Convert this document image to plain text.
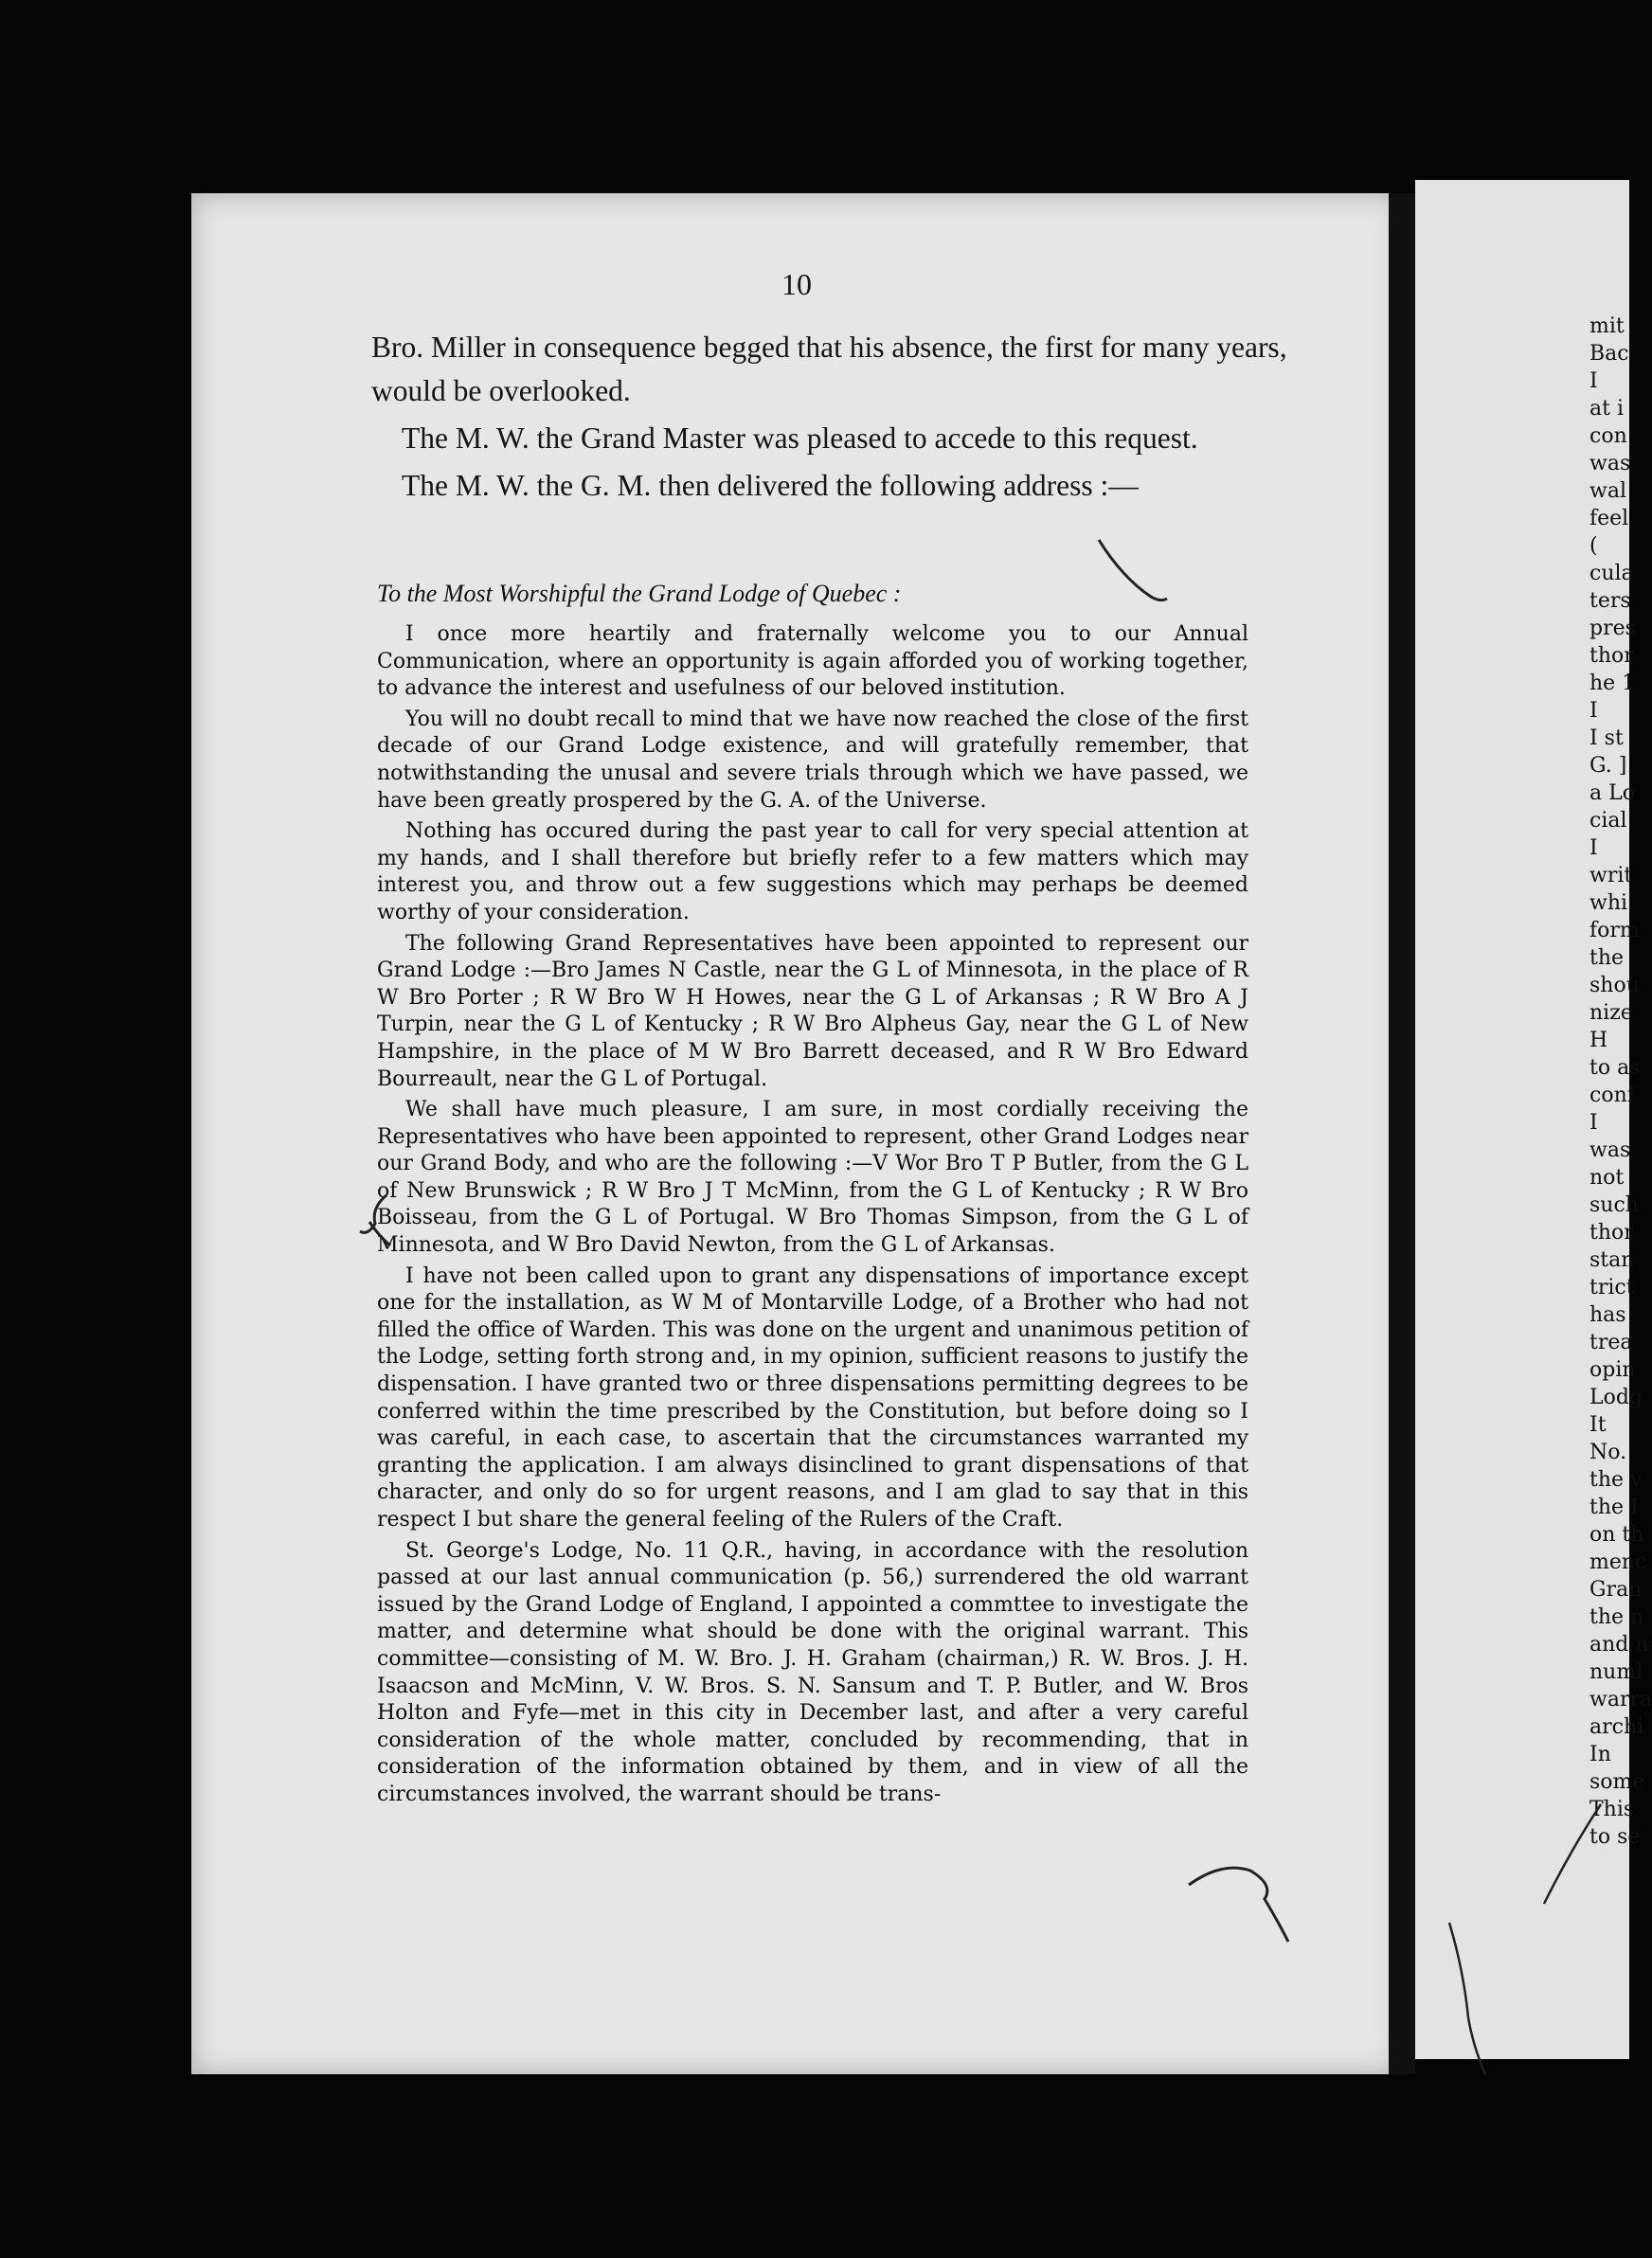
10

Bro. Miller in consequence begged that his absence, the first for many years, would be overlooked.

The M. W. the Grand Master was pleased to accede to this request.

The M. W. the G. M. then delivered the following address :—

To the Most Worshipful the Grand Lodge of Quebec :

I once more heartily and fraternally welcome you to our Annual Communication, where an opportunity is again afforded you of working together, to advance the interest and usefulness of our beloved institution.

You will no doubt recall to mind that we have now reached the close of the first decade of our Grand Lodge existence, and will gratefully remember, that notwithstanding the unusal and severe trials through which we have passed, we have been greatly prospered by the G. A. of the Universe.

Nothing has occured during the past year to call for very special attention at my hands, and I shall therefore but briefly refer to a few matters which may interest you, and throw out a few suggestions which may perhaps be deemed worthy of your consideration.

The following Grand Representatives have been appointed to represent our Grand Lodge :—Bro James N Castle, near the G L of Minnesota, in the place of R W Bro Porter ; R W Bro W H Howes, near the G L of Arkansas ; R W Bro A J Turpin, near the G L of Kentucky ; R W Bro Alpheus Gay, near the G L of New Hampshire, in the place of M W Bro Barrett deceased, and R W Bro Edward Bourreault, near the G L of Portugal.

We shall have much pleasure, I am sure, in most cordially receiving the Representatives who have been appointed to represent, other Grand Lodges near our Grand Body, and who are the following :—V Wor Bro T P Butler, from the G L of New Brunswick ; R W Bro J T McMinn, from the G L of Kentucky ; R W Bro Boisseau, from the G L of Portugal. W Bro Thomas Simpson, from the G L of Minnesota, and W Bro David Newton, from the G L of Arkansas.

I have not been called upon to grant any dispensations of importance except one for the installation, as W M of Montarville Lodge, of a Brother who had not filled the office of Warden. This was done on the urgent and unanimous petition of the Lodge, setting forth strong and, in my opinion, sufficient reasons to justify the dispensation. I have granted two or three dispensations permitting degrees to be conferred within the time prescribed by the Constitution, but before doing so I was careful, in each case, to ascertain that the circumstances warranted my granting the application. I am always disinclined to grant dispensations of that character, and only do so for urgent reasons, and I am glad to say that in this respect I but share the general feeling of the Rulers of the Craft.

St. George's Lodge, No. 11 Q.R., having, in accordance with the resolution passed at our last annual communication (p. 56,) surrendered the old warrant issued by the Grand Lodge of England, I appointed a commttee to investigate the matter, and determine what should be done with the original warrant. This committee—consisting of M. W. Bro. J. H. Graham (chairman,) R. W. Bros. J. H. Isaacson and McMinn, V. W. Bros. S. N. Sansum and T. P. Butler, and W. Bros Holton and Fyfe—met in this city in December last, and after a very careful consideration of the whole matter, concluded by recommending, that in consideration of the information obtained by them, and in view of all the circumstances involved, the warrant should be trans-

mit
Bac
I
at i
con
was
wal
feel
(
cula
ters
pres
thor
he 1
I
I st
G. ]
a Lo
cial
I
writ
whi
form
the
shou
nize
H
to as
conf
I
was
not
such
thor
stan
trict
has
trea
opin
Lodg
It
No.
the v
the I
on th
menc
Gran
the n
and n
numl
warra
archi
In
some
This
to se
